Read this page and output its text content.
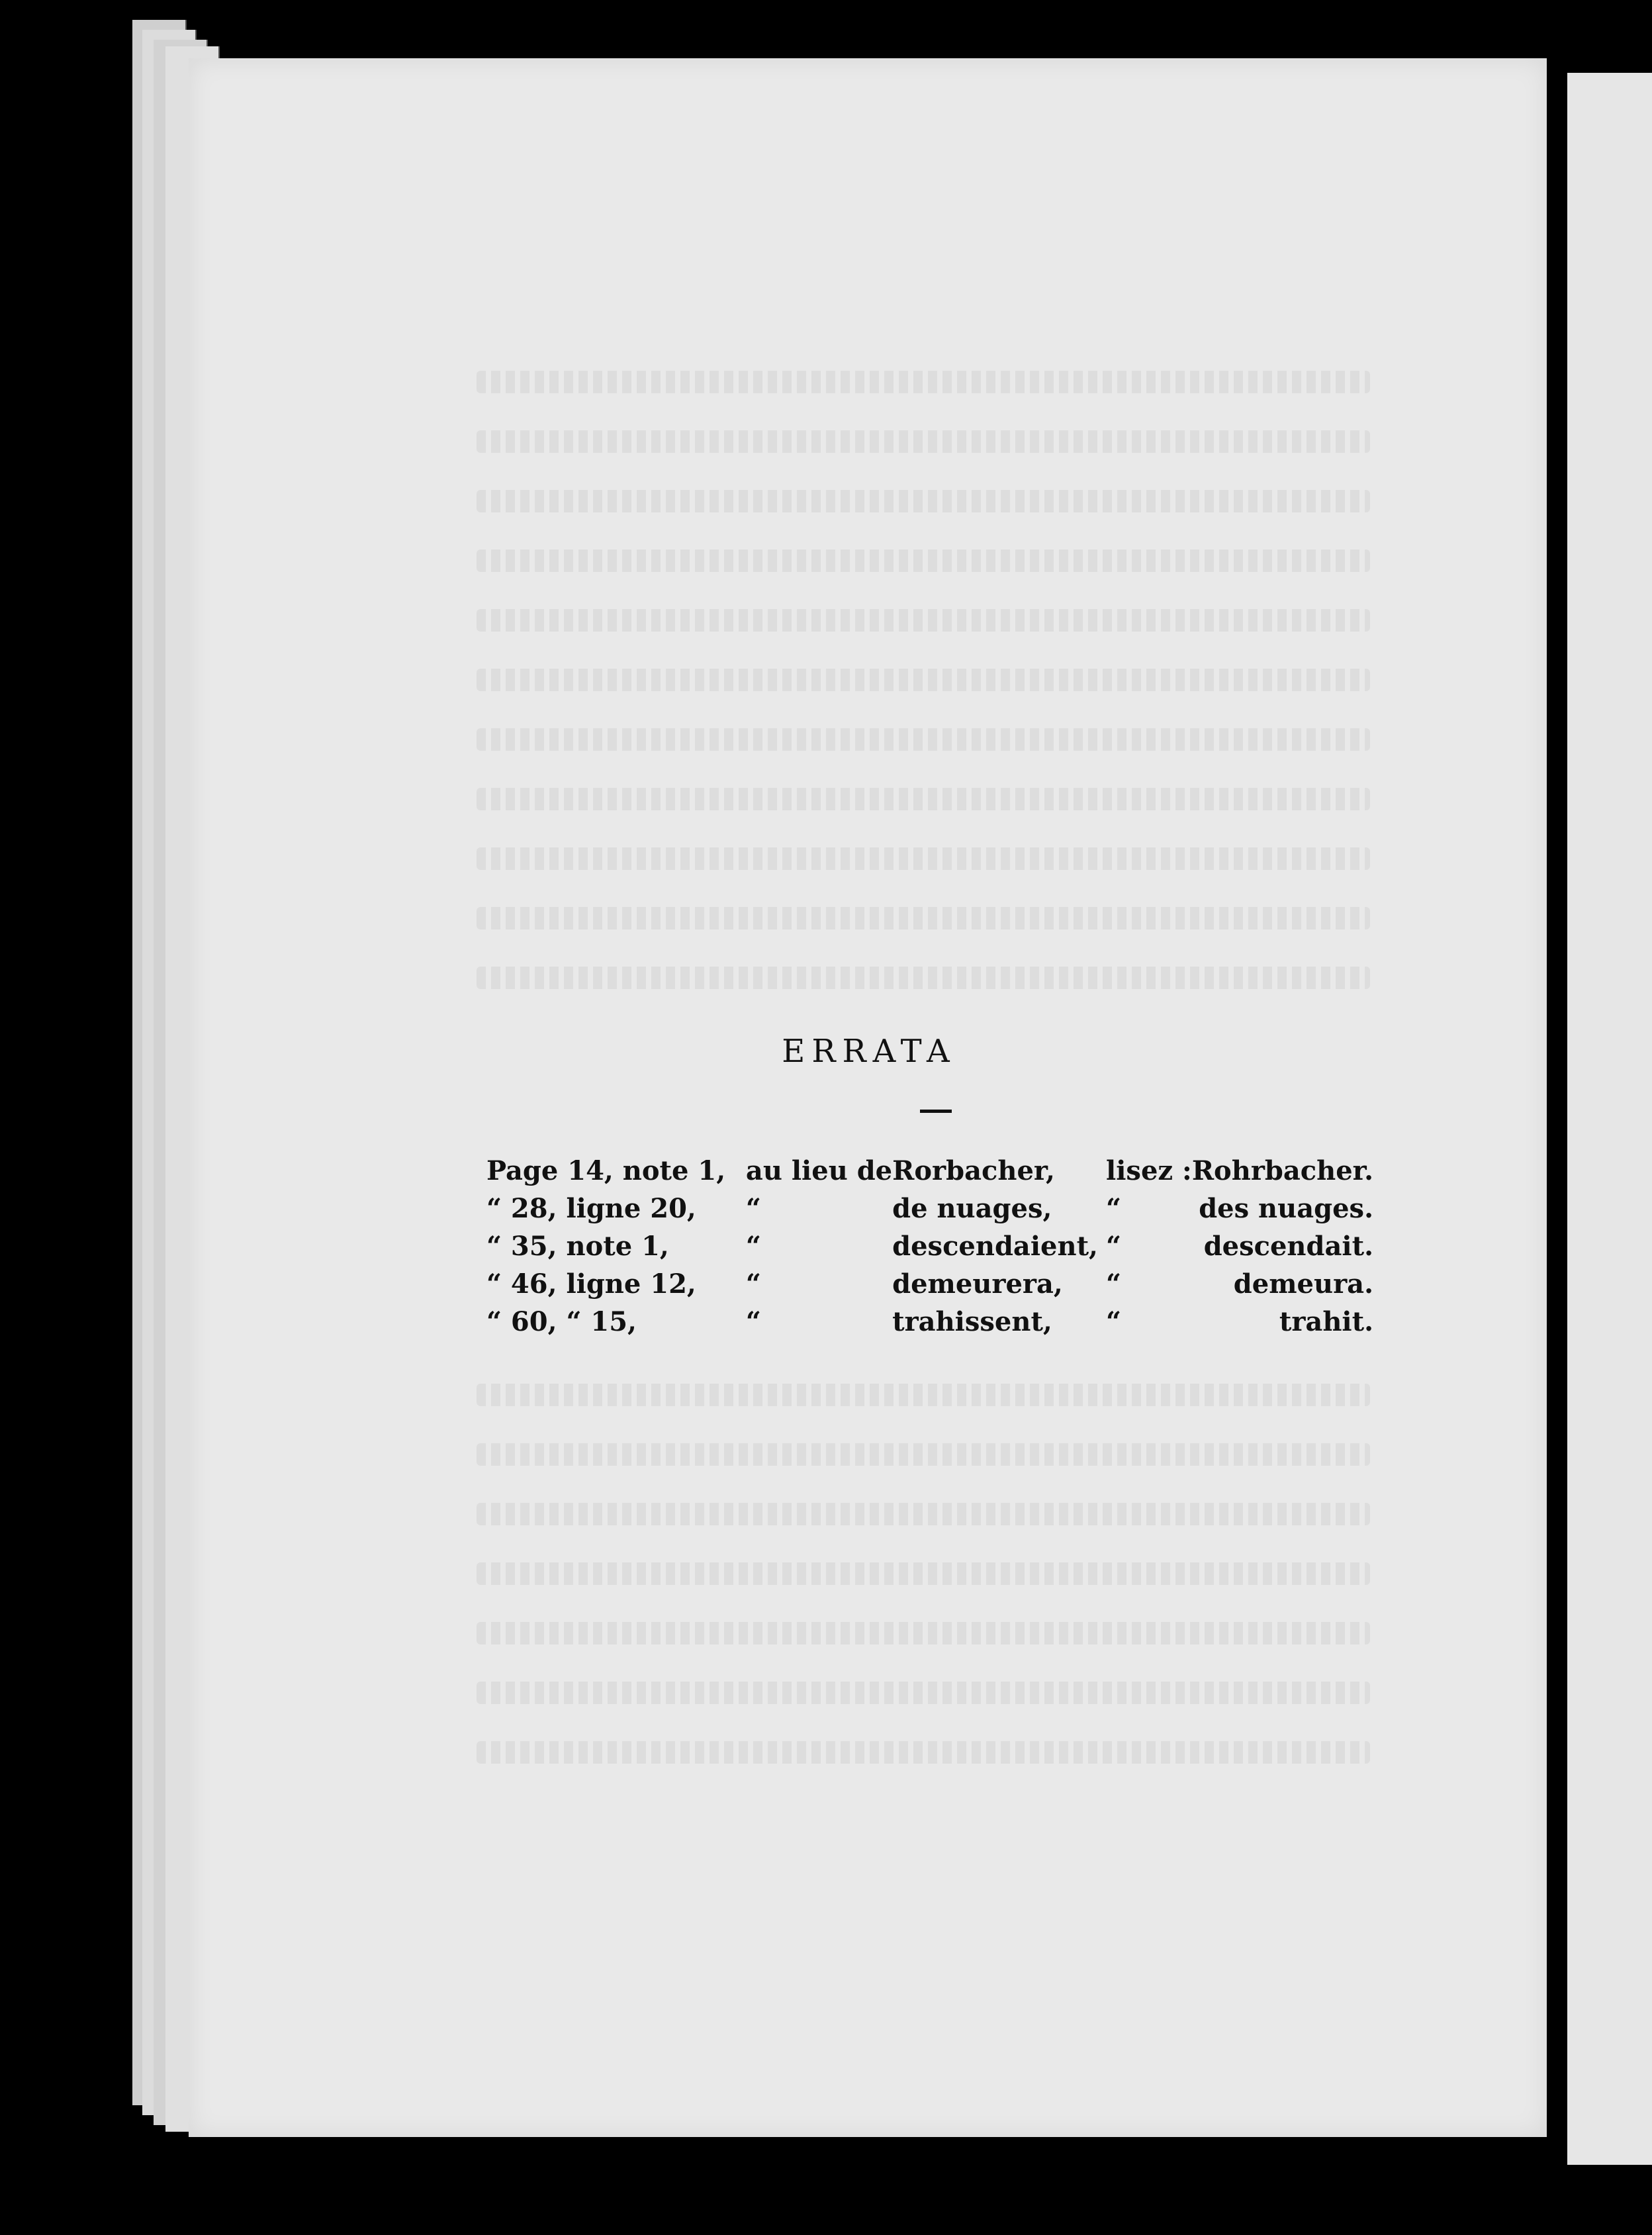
ERRATA
Page 14, note 1,	au lieu de	Rorbacher,	lisez :	Rohrbacher.
“ 28, ligne 20,	“	de nuages,	“	des nuages.
“ 35, note 1,	“	descendaient,	“	descendait.
“ 46, ligne 12,	“	demeurera,	“	demeura.
“ 60, “ 15,	“	trahissent,	“	trahit.
